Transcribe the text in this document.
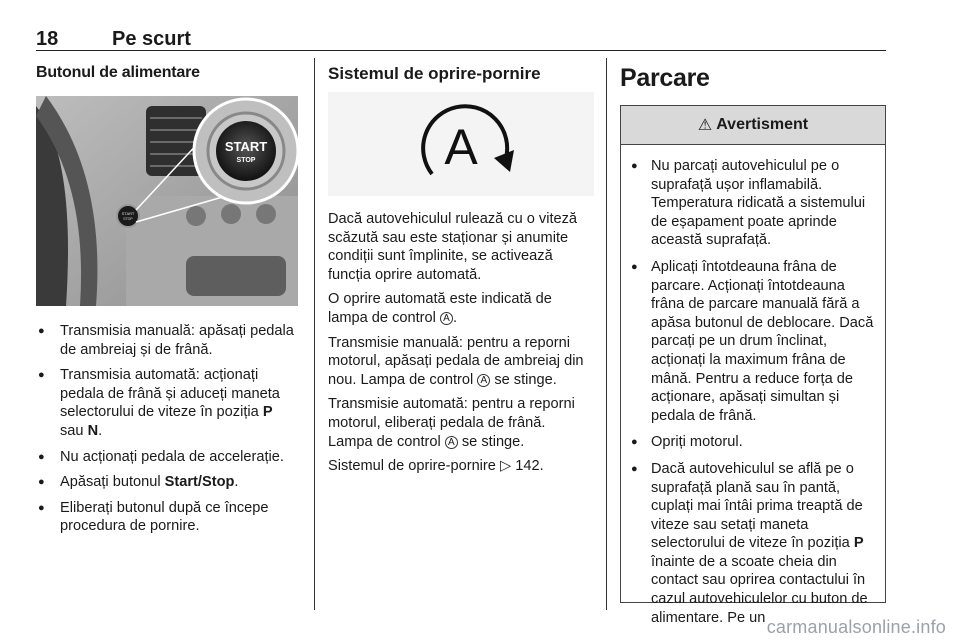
18	Pe scurt
Butonul de alimentare
START
STOP
START
STOP
● Transmisia manuală: apăsați pedala de ambreiaj și de frână.
● Transmisia automată: acționați pedala de frână și aduceți maneta selectorului de viteze în poziția P sau N.
● Nu acționați pedala de accelerație.
● Apăsați butonul Start/Stop.
● Eliberați butonul după ce începe procedura de pornire.
Sistemul de oprire-pornire
A

Dacă autovehiculul rulează cu o viteză scăzută sau este staționar și anumite condiții sunt împlinite, se activează funcția oprire automată.

O oprire automată este indicată de lampa de control A .

Transmisie manuală: pentru a reporni motorul, apăsați pedala de ambreiaj din nou. Lampa de control A se stinge.

Transmisie automată: pentru a reporni motorul, eliberați pedala de frână. Lampa de control A se stinge.

Sistemul de oprire-pornire ▷ 142.

Parcare
⚠ Avertisment
● Nu parcați autovehiculul pe o suprafață ușor inflamabilă. Temperatura ridicată a sistemului de eșapament poate aprinde această suprafață.
● Aplicați întotdeauna frâna de parcare. Acționați întotdeauna frâna de parcare manuală fără a apăsa butonul de deblocare. Dacă parcați pe un drum înclinat, acționați la maximum frâna de mână. Pentru a reduce forța de acționare, apăsați simultan și pedala de frână.
● Opriți motorul.
● Dacă autovehiculul se află pe o suprafață plană sau în pantă, cuplați mai întâi prima treaptă de viteze sau setați maneta selectorului de viteze în poziția P înainte de a scoate cheia din contact sau oprirea contactului în cazul autovehiculelor cu buton de alimentare. Pe un carmanualsonline.info
